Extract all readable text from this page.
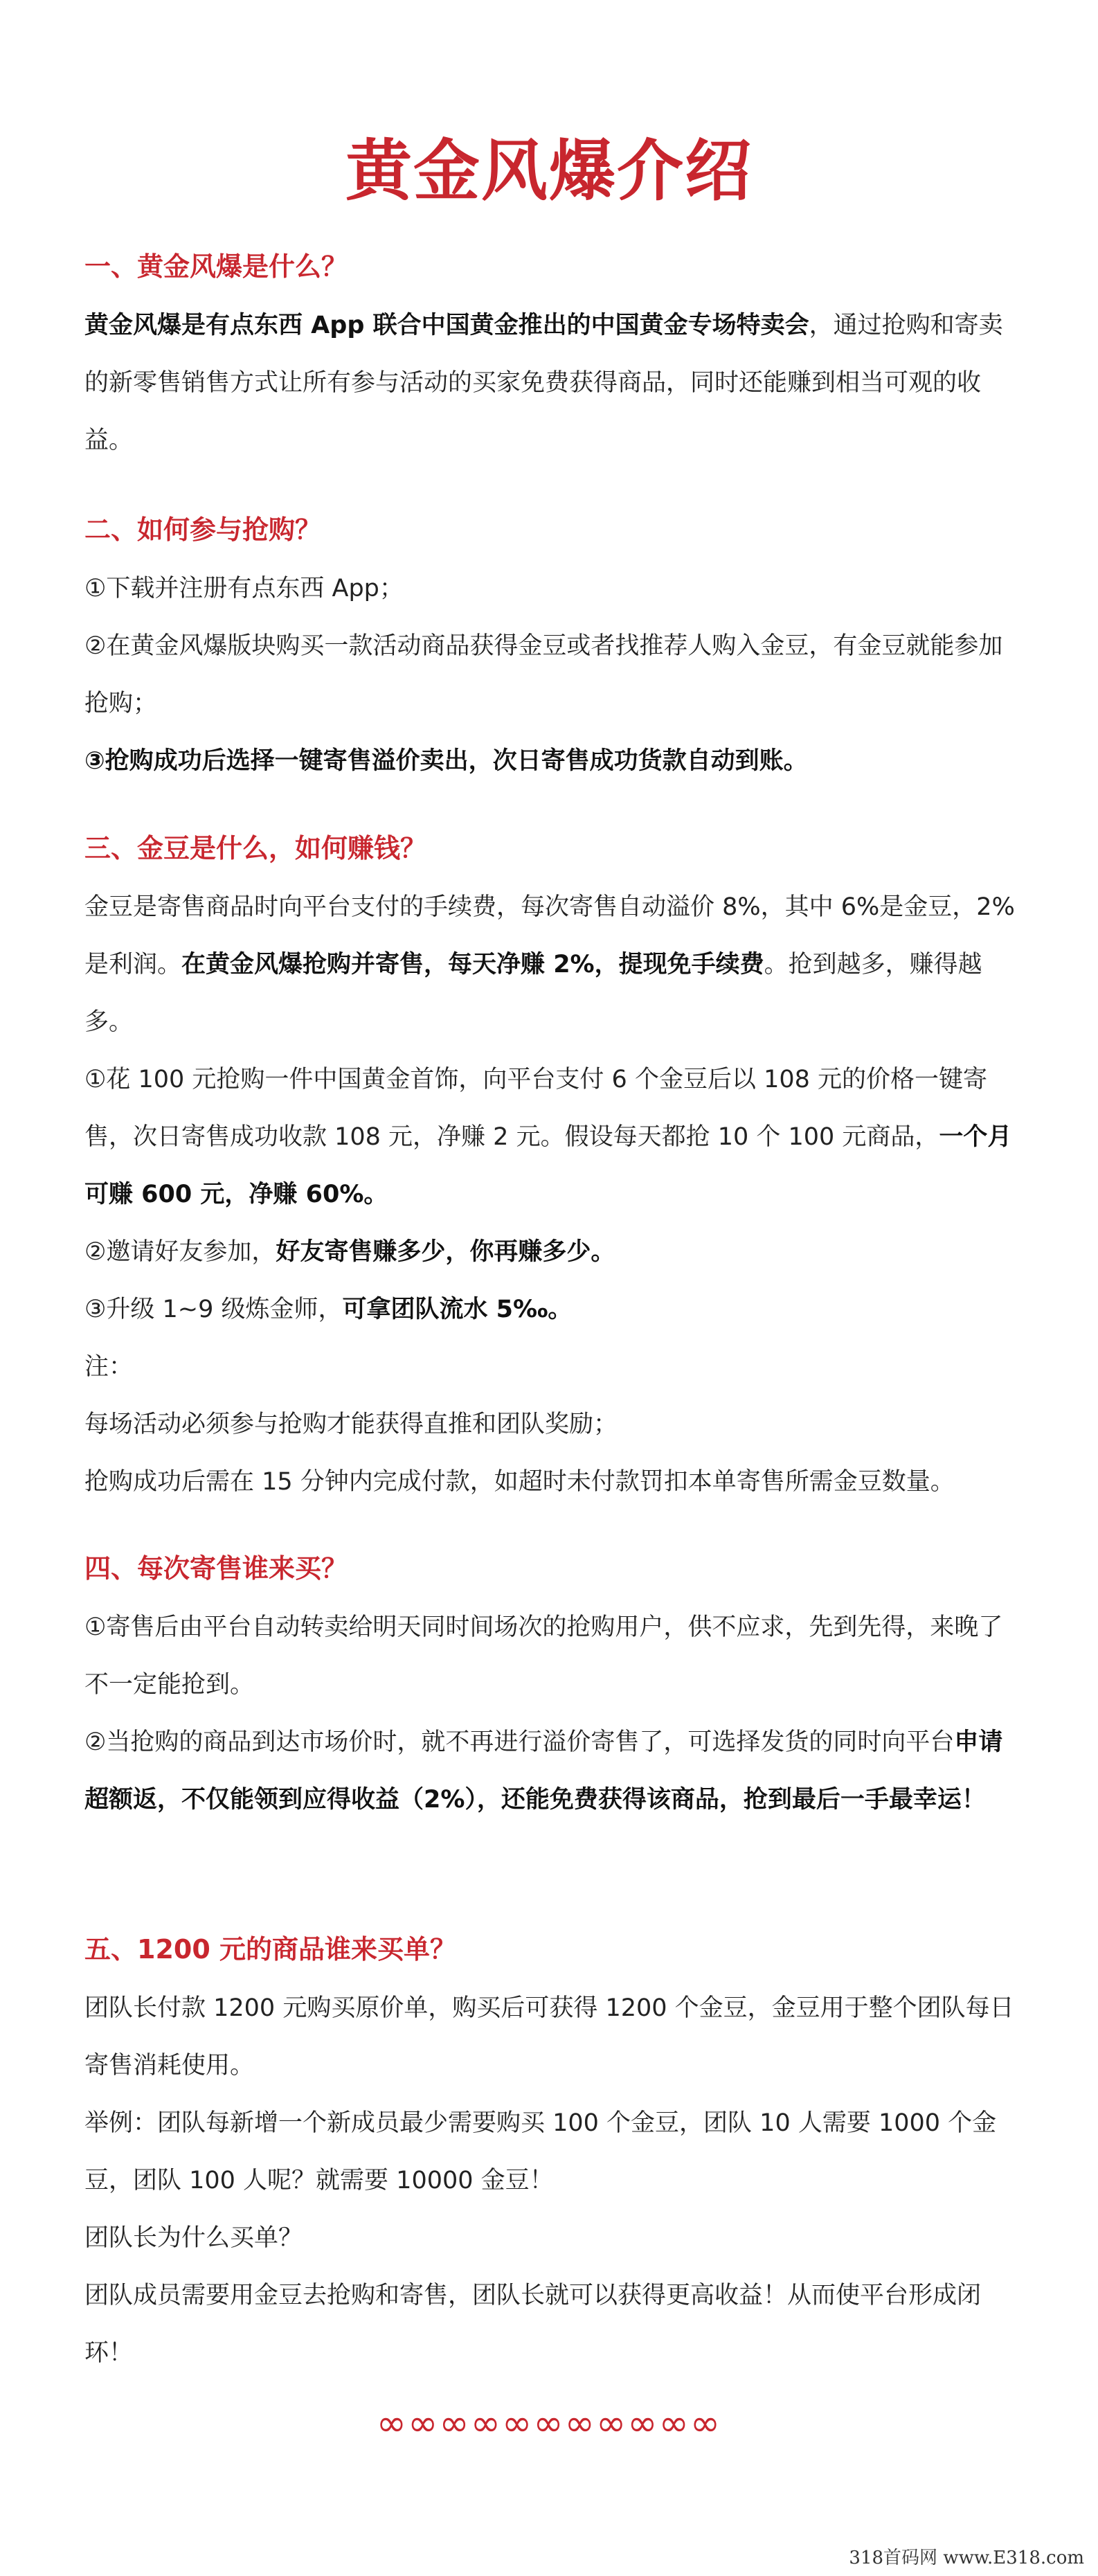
黄金风爆介绍
一、黄金风爆是什么？

黄金风爆是有点东西 App 联合中国黄金推出的中国黄金专场特卖会，通过抢购和寄卖的新零售销售方式让所有参与活动的买家免费获得商品，同时还能赚到相当可观的收益。

二、如何参与抢购？

①下载并注册有点东西 App；

②在黄金风爆版块购买一款活动商品获得金豆或者找推荐人购入金豆，有金豆就能参加抢购；

③抢购成功后选择一键寄售溢价卖出，次日寄售成功货款自动到账。

三、金豆是什么，如何赚钱？

金豆是寄售商品时向平台支付的手续费，每次寄售自动溢价 8%，其中 6%是金豆，2%是利润。在黄金风爆抢购并寄售，每天净赚 2%，提现免手续费。抢到越多，赚得越多。

①花 100 元抢购一件中国黄金首饰，向平台支付 6 个金豆后以 108 元的价格一键寄售，次日寄售成功收款 108 元，净赚 2 元。假设每天都抢 10 个 100 元商品，一个月可赚 600 元，净赚 60%。

②邀请好友参加，好友寄售赚多少，你再赚多少。

③升级 1~9 级炼金师，可拿团队流水 5‰。

注：

每场活动必须参与抢购才能获得直推和团队奖励；

抢购成功后需在 15 分钟内完成付款，如超时未付款罚扣本单寄售所需金豆数量。

四、每次寄售谁来买？

①寄售后由平台自动转卖给明天同时间场次的抢购用户，供不应求，先到先得，来晚了不一定能抢到。

②当抢购的商品到达市场价时，就不再进行溢价寄售了，可选择发货的同时向平台申请超额返，不仅能领到应得收益（2%），还能免费获得该商品，抢到最后一手最幸运！

五、1200 元的商品谁来买单？

团队长付款 1200 元购买原价单，购买后可获得 1200 个金豆，金豆用于整个团队每日寄售消耗使用。

举例：团队每新增一个新成员最少需要购买 100 个金豆，团队 10 人需要 1000 个金豆，团队 100 人呢？就需要 10000 金豆！

团队长为什么买单？

团队成员需要用金豆去抢购和寄售，团队长就可以获得更高收益！从而使平台形成闭环！

∞∞∞∞∞∞∞∞∞∞∞
318首码网 www.E318.com
